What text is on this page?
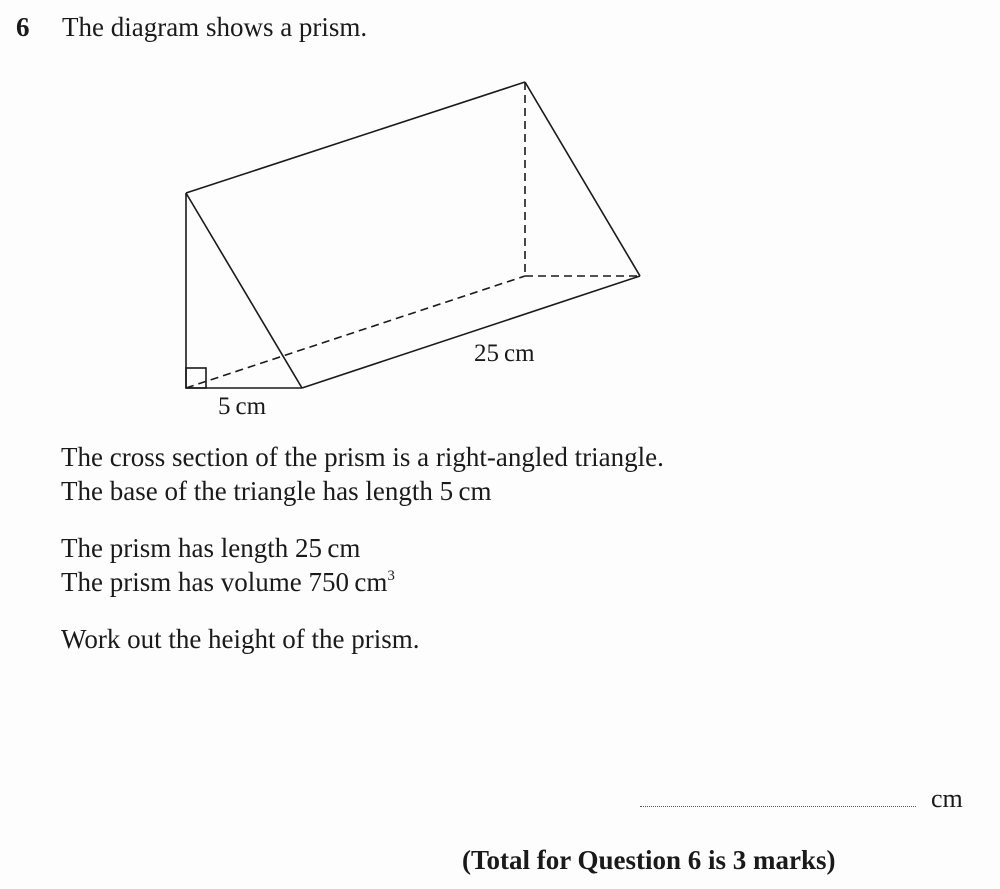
6 The diagram shows a prism.
5 cm
25 cm
The cross section of the prism is a right-angled triangle.
The base of the triangle has length 5 cm
The prism has length 25 cm
The prism has volume 750 $cm^3$
Work out the height of the prism.
cm
(Total for Question 6 is 3 marks)
